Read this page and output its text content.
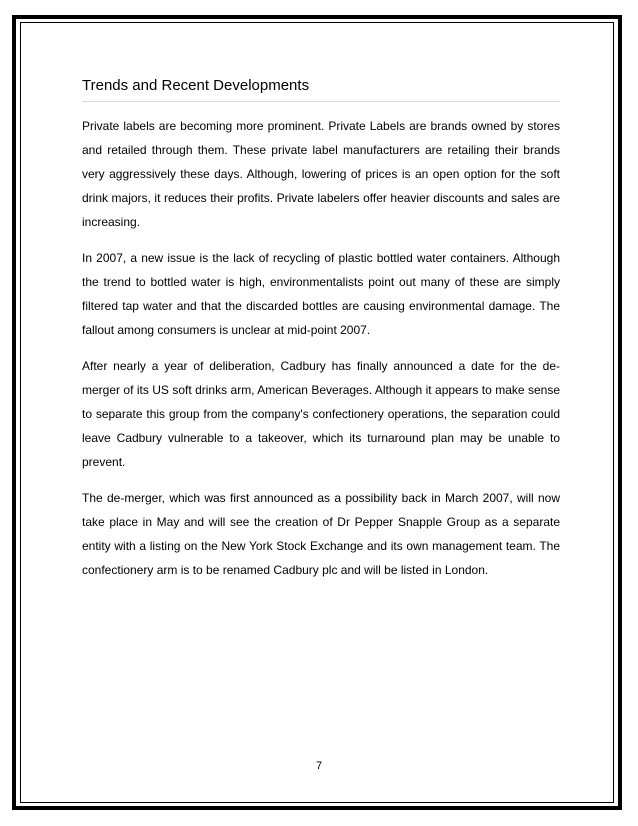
Trends and Recent Developments

Private labels are becoming more prominent. Private Labels are brands owned by stores and retailed through them. These private label manufacturers are retailing their brands very aggressively these days. Although, lowering of prices is an open option for the soft drink majors, it reduces their profits. Private labelers offer heavier discounts and sales are increasing.

In 2007, a new issue is the lack of recycling of plastic bottled water containers. Although the trend to bottled water is high, environmentalists point out many of these are simply filtered tap water and that the discarded bottles are causing environmental damage. The fallout among consumers is unclear at mid-point 2007.

After nearly a year of deliberation, Cadbury has finally announced a date for the de-merger of its US soft drinks arm, American Beverages. Although it appears to make sense to separate this group from the company's confectionery operations, the separation could leave Cadbury vulnerable to a takeover, which its turnaround plan may be unable to prevent.

The de-merger, which was first announced as a possibility back in March 2007, will now take place in May and will see the creation of Dr Pepper Snapple Group as a separate entity with a listing on the New York Stock Exchange and its own management team. The confectionery arm is to be renamed Cadbury plc and will be listed in London.

7
